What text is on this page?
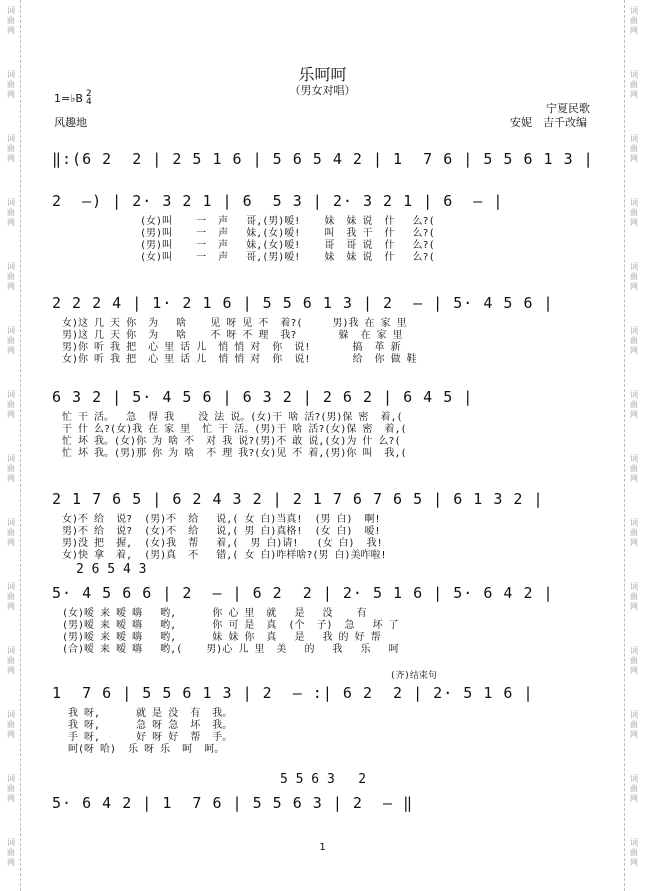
词
曲
网
词
曲
网
词
曲
网
词
曲
网
词
曲
网
词
曲
网
词
曲
网
词
曲
网
词
曲
网
词
曲
网
词
曲
网
词
曲
网
词
曲
网
词
曲
网
词
曲
网
词
曲
网
词
曲
网
词
曲
网
词
曲
网
词
曲
网
词
曲
网
词
曲
网
词
曲
网
词
曲
网
词
曲
网
词
曲
网
词
曲
网
词
曲
网
乐呵呵
（男女对唱）
1=♭B 2
4
风趣地
宁夏民歌
安妮　吉千改编
‖:(6 2  2 | 2 5 1 6 | 5 6 5 4 2 | 1  7 6 | 5 5 6 1 3 |
2  —) | 2· 3 2 1 | 6  5 3 | 2· 3 2 1 | 6  — |
(女)叫    一  声   哥,(男)嗳!    妹  妹 说  什   么?(
(男)叫    一  声   妹,(女)嗳!    叫  我 干  什   么?(
(男)叫    一  声   妹,(女)嗳!    哥  哥 说  什   么?(
(女)叫    一  声   哥,(男)嗳!    妹  妹 说  什   么?(
2 2 2 4 | 1· 2 1 6 | 5 5 6 1 3 | 2  — | 5· 4 5 6 |
女)这 几 天 你  为   啥    见 呀 见 不  着?(     男)我 在 家 里
男)这 几 天 你  为   啥    不 呀 不 理  我?       躲  在 家 里
男)你 听 我 把  心 里 话 儿  悄 悄 对  你  说!       搞  革 新
女)你 听 我 把  心 里 话 儿  悄 悄 对  你  说!       给  你 做 鞋
6 3 2 | 5· 4 5 6 | 6 3 2 | 2 6 2 | 6 4 5 |
忙 干 活。  急  得 我    没 法 说。(女)干 啥 活?(男)保 密  着,(
干 什 么?(女)我 在 家 里  忙 干 活。(男)干 啥 活?(女)保 密  着,(
忙 坏 我。(女)你 为 啥 不  对 我 说?(男)不 敢 说,(女)为 什 么?(
忙 坏 我。(男)那 你 为 啥  不 理 我?(女)见 不 着,(男)你 叫  我,(
2 1 7 6 5 | 6 2 4 3 2 | 2 1 7 6 7 6 5 | 6 1 3 2 |
女)不 给  说?  (男)不  给   说,( 女 白)当真!  (男 白)  啊!
男)不 给  说?  (女)不  给   说,( 男 白)真格!  (女 白)  嗳!
男)没 把  握,  (女)我  帮   着,(  男 白)请!   (女 白)  我!
女)快 拿  着,  (男)真  不   错,( 女 白)咋样啥?(男 白)美咋啦!
5· 4 5 6 6 | 2  — | 6 2  2 | 2· 5 1 6 | 5· 6 4 2 |
2 6 5 4 3
(女)嗳 来 嗳 嗨   哟,      你 心 里  就   是   没    有
(男)嗳 来 嗳 嗨   哟,      你 可 是  真  (个  子)  急   坏 了
(男)嗳 来 嗳 嗨   哟,      妹 妹 你  真   是   我 的 好 帮
(合)嗳 来 嗳 嗨   哟,(    男)心 儿 里  美   的   我   乐   呵
1  7 6 | 5 5 6 1 3 | 2  — :| 6 2  2 | 2· 5 1 6 |
(齐)结束句
我 呀,      就 是 没  有  我。
我 呀,      急 呀 急  坏  我。
手 呀,      好 呀 好  帮  手。
呵(呀 哈)  乐 呀 乐  呵  呵。
5· 6 4 2 | 1  7 6 | 5 5 6 3 | 2  — ‖
5 5 6 3   2
1
